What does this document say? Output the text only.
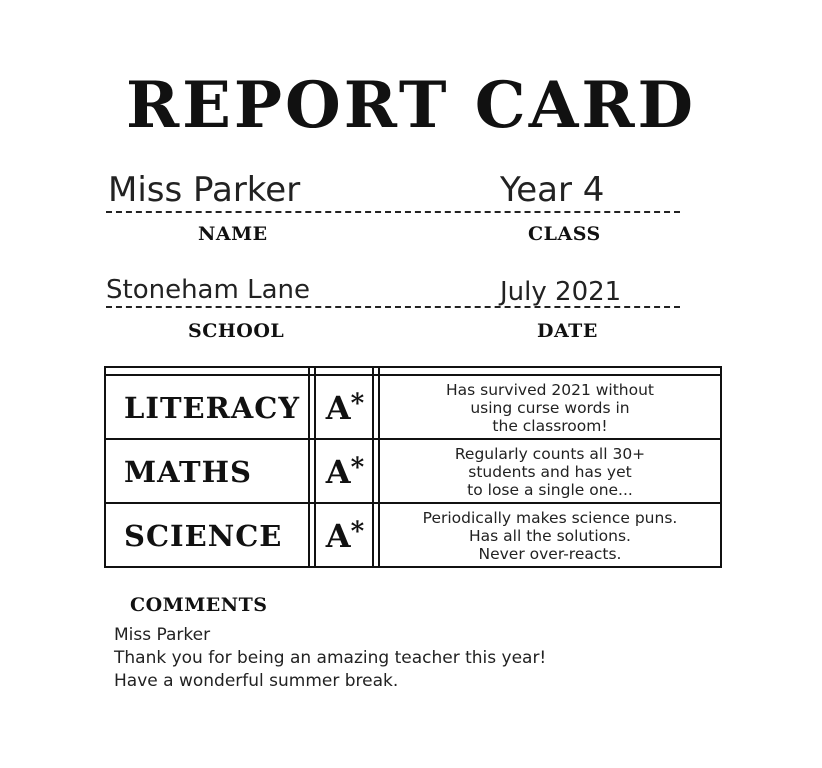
REPORT CARD
Miss Parker	Year 4
NAME	CLASS
Stoneham Lane	July 2021
SCHOOL	DATE
LITERACY A*	Has survived 2021 without
using curse words in
the classroom!
MATHS	A*	Regularly counts all 30+
students and has yet
to lose a single one...
SCIENCE	A*	Periodically makes science puns.
Has all the solutions.
Never over-reacts.
COMMENTS
Miss Parker
Thank you for being an amazing teacher this year!
Have a wonderful summer break.
